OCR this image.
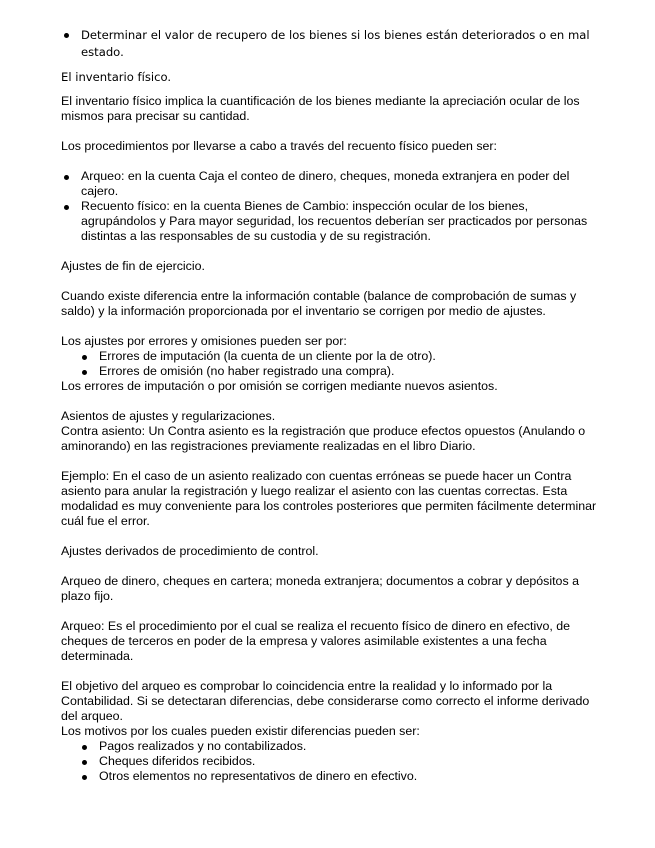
Determinar el valor de recupero de los bienes si los bienes están deteriorados o en mal estado.

El inventario físico.

El inventario físico implica la cuantificación de los bienes mediante la apreciación ocular de los mismos para precisar su cantidad.

Los procedimientos por llevarse a cabo a través del recuento físico pueden ser:

Arqueo: en la cuenta Caja el conteo de dinero, cheques, moneda extranjera en poder del cajero.
Recuento físico: en la cuenta Bienes de Cambio: inspección ocular de los bienes, agrupándolos y Para mayor seguridad, los recuentos deberían ser practicados por personas distintas a las responsables de su custodia y de su registración.

Ajustes de fin de ejercicio.

Cuando existe diferencia entre la información contable (balance de comprobación de sumas y saldo) y la información proporcionada por el inventario se corrigen por medio de ajustes.

Los ajustes por errores y omisiones pueden ser por:

Errores de imputación (la cuenta de un cliente por la de otro).
Errores de omisión (no haber registrado una compra).

Los errores de imputación o por omisión se corrigen mediante nuevos asientos.

Asientos de ajustes y regularizaciones.

Contra asiento: Un Contra asiento es la registración que produce efectos opuestos (Anulando o aminorando) en las registraciones previamente realizadas en el libro Diario.

Ejemplo: En el caso de un asiento realizado con cuentas erróneas se puede hacer un Contra asiento para anular la registración y luego realizar el asiento con las cuentas correctas. Esta modalidad es muy conveniente para los controles posteriores que permiten fácilmente determinar cuál fue el error.

Ajustes derivados de procedimiento de control.

Arqueo de dinero, cheques en cartera; moneda extranjera; documentos a cobrar y depósitos a plazo fijo.

Arqueo: Es el procedimiento por el cual se realiza el recuento físico de dinero en efectivo, de cheques de terceros en poder de la empresa y valores asimilable existentes a una fecha determinada.

El objetivo del arqueo es comprobar lo coincidencia entre la realidad y lo informado por la Contabilidad. Si se detectaran diferencias, debe considerarse como correcto el informe derivado del arqueo.

Los motivos por los cuales pueden existir diferencias pueden ser:

Pagos realizados y no contabilizados.
Cheques diferidos recibidos.
Otros elementos no representativos de dinero en efectivo.
